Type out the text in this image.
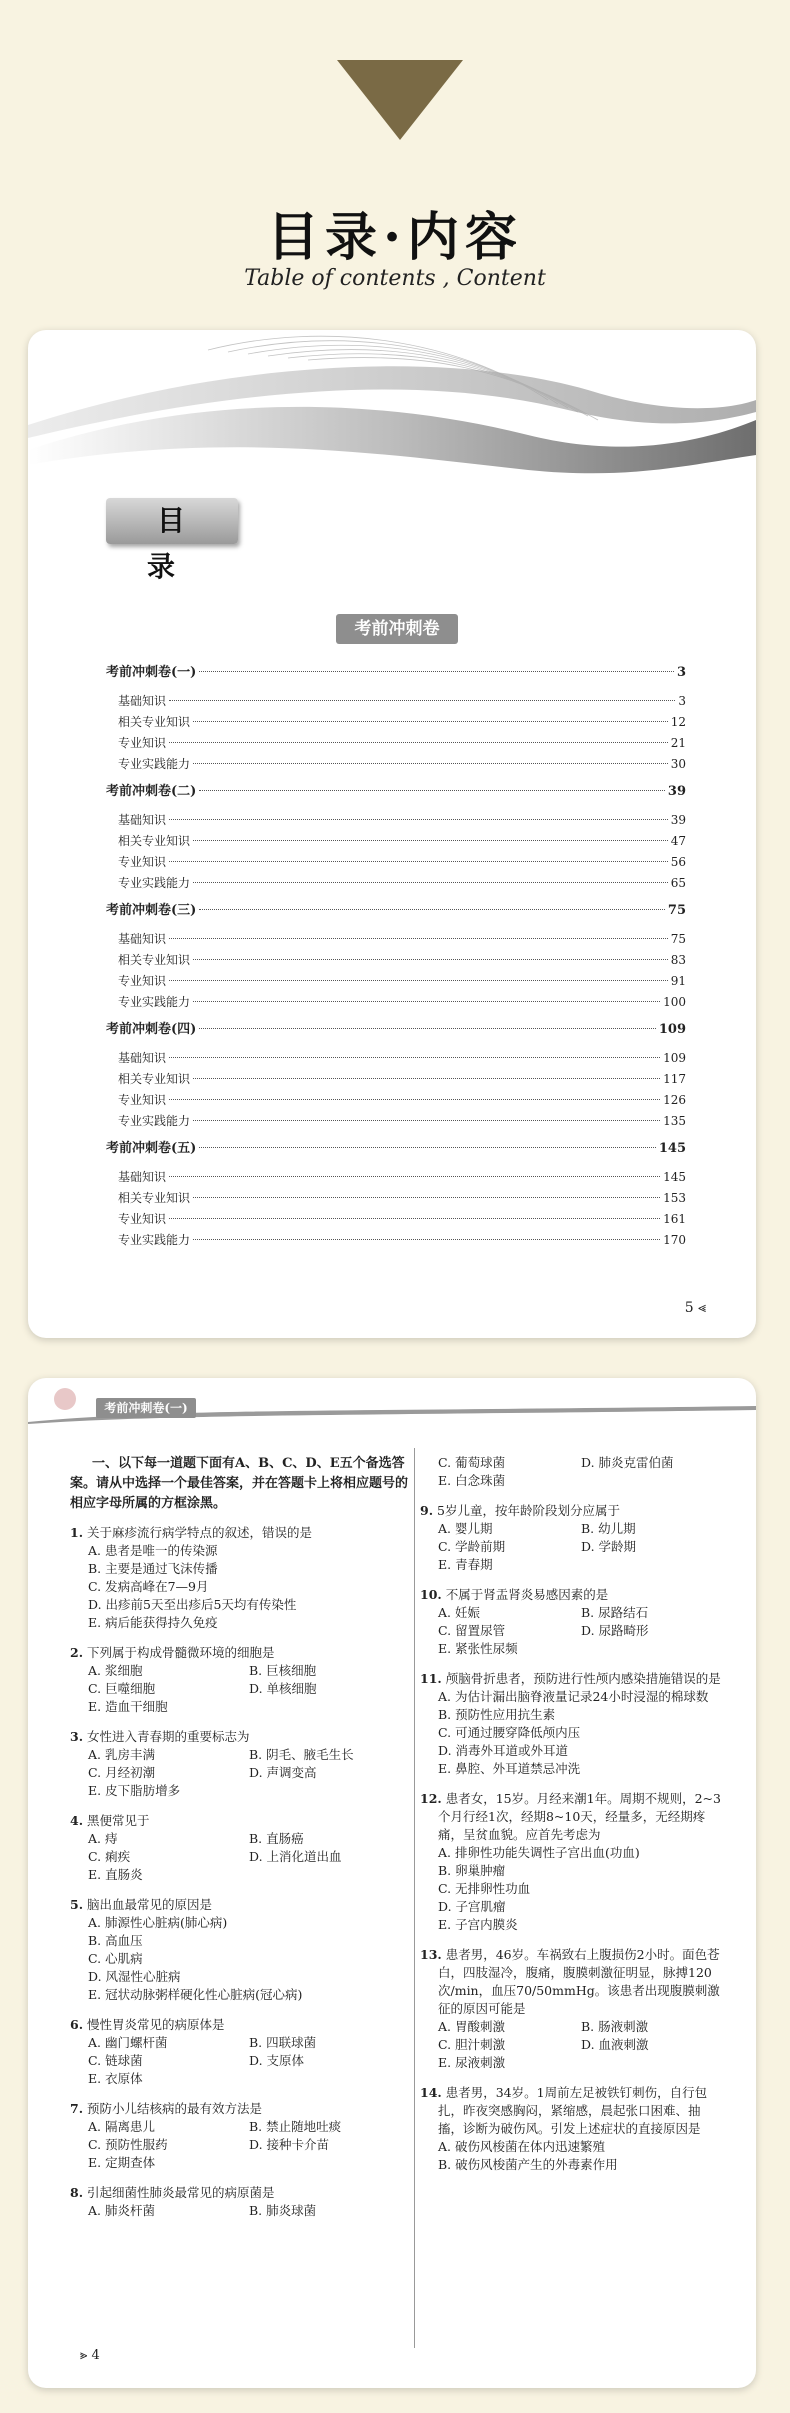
目录·内容
Table of contents , Content
目 录
考前冲刺卷
考前冲刺卷(一)	3
基础知识	3
相关专业知识	12
专业知识	21
专业实践能力	30
考前冲刺卷(二)	39
基础知识	39
相关专业知识	47
专业知识	56
专业实践能力	65
考前冲刺卷(三)	75
基础知识	75
相关专业知识	83
专业知识	91
专业实践能力	100
考前冲刺卷(四)	109
基础知识	109
相关专业知识	117
专业知识	126
专业实践能力	135
考前冲刺卷(五)	145
基础知识	145
相关专业知识	153
专业知识	161
专业实践能力	170
5 ⪡
考前冲刺卷(一)
一、以下每一道题下面有A、B、C、D、E五个备选答案。请从中选择一个最佳答案，并在答题卡上将相应题号的相应字母所属的方框涂黑。
1. 关于麻疹流行病学特点的叙述，错误的是
A. 患者是唯一的传染源
B. 主要是通过飞沫传播
C. 发病高峰在7—9月
D. 出疹前5天至出疹后5天均有传染性
E. 病后能获得持久免疫
2. 下列属于构成骨髓微环境的细胞是
A. 浆细胞	B. 巨核细胞
C. 巨噬细胞	D. 单核细胞
E. 造血干细胞
3. 女性进入青春期的重要标志为
A. 乳房丰满	B. 阴毛、腋毛生长
C. 月经初潮	D. 声调变高
E. 皮下脂肪增多
4. 黑便常见于
A. 痔	B. 直肠癌
C. 痢疾	D. 上消化道出血
E. 直肠炎
5. 脑出血最常见的原因是
A. 肺源性心脏病(肺心病)
B. 高血压
C. 心肌病
D. 风湿性心脏病
E. 冠状动脉粥样硬化性心脏病(冠心病)
6. 慢性胃炎常见的病原体是
A. 幽门螺杆菌	B. 四联球菌
C. 链球菌	D. 支原体
E. 衣原体
7. 预防小儿结核病的最有效方法是
A. 隔离患儿	B. 禁止随地吐痰
C. 预防性服药	D. 接种卡介苗
E. 定期查体
8. 引起细菌性肺炎最常见的病原菌是
A. 肺炎杆菌	B. 肺炎球菌
C. 葡萄球菌	D. 肺炎克雷伯菌
E. 白念珠菌
9. 5岁儿童，按年龄阶段划分应属于
A. 婴儿期	B. 幼儿期
C. 学龄前期	D. 学龄期
E. 青春期
10. 不属于肾盂肾炎易感因素的是
A. 妊娠	B. 尿路结石
C. 留置尿管	D. 尿路畸形
E. 紧张性尿频
11. 颅脑骨折患者，预防进行性颅内感染措施错误的是
A. 为估计漏出脑脊液量记录24小时浸湿的棉球数
B. 预防性应用抗生素
C. 可通过腰穿降低颅内压
D. 消毒外耳道或外耳道
E. 鼻腔、外耳道禁忌冲洗
12. 患者女，15岁。月经来潮1年。周期不规则，2~3个月行经1次，经期8~10天，经量多，无经期疼痛，呈贫血貌。应首先考虑为
A. 排卵性功能失调性子宫出血(功血)
B. 卵巢肿瘤
C. 无排卵性功血
D. 子宫肌瘤
E. 子宫内膜炎
13. 患者男，46岁。车祸致右上腹损伤2小时。面色苍白，四肢湿冷，腹痛，腹膜刺激征明显，脉搏120次/min，血压70/50mmHg。该患者出现腹膜刺激征的原因可能是
A. 胃酸刺激	B. 肠液刺激
C. 胆汁刺激	D. 血液刺激
E. 尿液刺激
14. 患者男，34岁。1周前左足被铁钉刺伤，自行包扎，昨夜突感胸闷，紧缩感，晨起张口困难、抽搐，诊断为破伤风。引发上述症状的直接原因是
A. 破伤风梭菌在体内迅速繁殖
B. 破伤风梭菌产生的外毒素作用
⪢ 4
